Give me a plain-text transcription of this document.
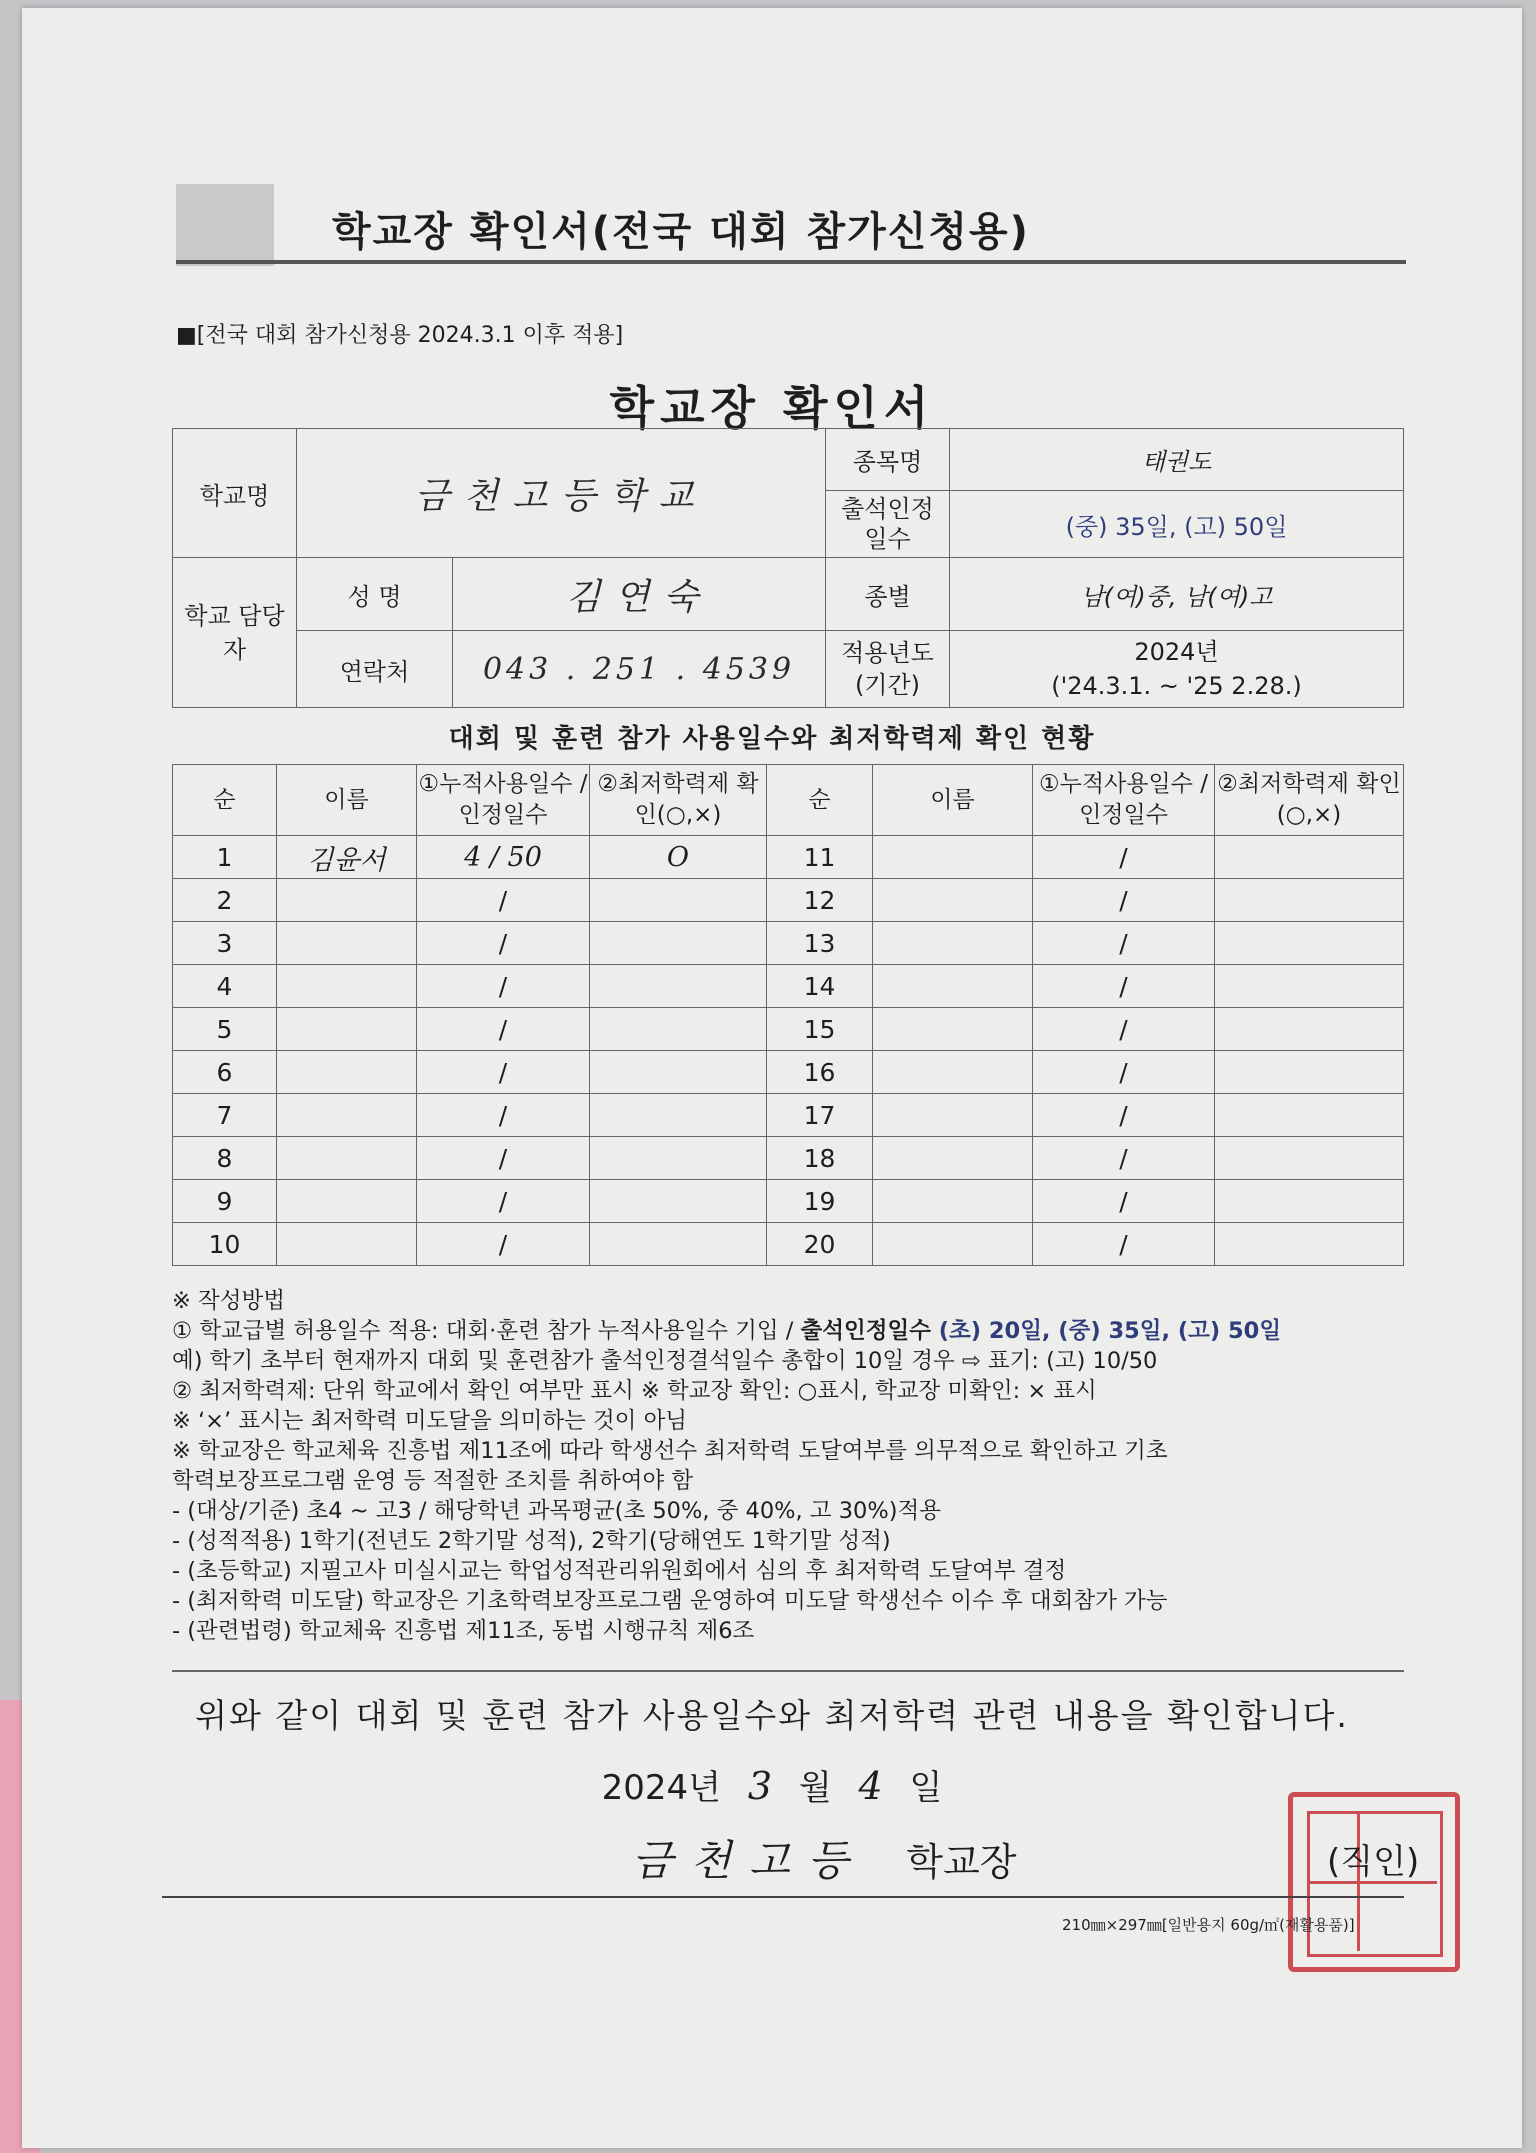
학교장 확인서(전국 대회 참가신청용)
■[전국 대회 참가신청용 2024.3.1 이후 적용]
학교장 확인서
학교명	금천고등학교		종목명	태권도
			출석인정 일수	(중) 35일, (고) 50일
학교 담당자	성 명	김연숙	종별	남(여)중, 남(여)고
	연락처	043 . 251 . 4539	적용년도 (기간)	2024년
('24.3.1. ~ '25 2.28.)
대회 및 훈련 참가 사용일수와 최저학력제 확인 현황
순	이름	①누적사용일수 /인정일수	②최저학력제 확인(○,×)	순	이름	①누적사용일수 /인정일수	②최저학력제 확인(○,×)
1	김윤서	4 / 50	O	11		/	
2		/		12		/	
3		/		13		/	
4		/		14		/	
5		/		15		/	
6		/		16		/	
7		/		17		/	
8		/		18		/	
9		/		19		/	
10		/		20		/	
※ 작성방법
① 학교급별 허용일수 적용: 대회·훈련 참가 누적사용일수 기입 / 출석인정일수 (초) 20일, (중) 35일, (고) 50일
예) 학기 초부터 현재까지 대회 및 훈련참가 출석인정결석일수 총합이 10일 경우 ⇨ 표기: (고) 10/50
② 최저학력제: 단위 학교에서 확인 여부만 표시 ※ 학교장 확인: ○표시, 학교장 미확인: × 표시
※ ‘×’ 표시는 최저학력 미도달을 의미하는 것이 아님
※ 학교장은 학교체육 진흥법 제11조에 따라 학생선수 최저학력 도달여부를 의무적으로 확인하고 기초
학력보장프로그램 운영 등 적절한 조치를 취하여야 함
- (대상/기준) 초4 ~ 고3 / 해당학년 과목평균(초 50%, 중 40%, 고 30%)적용
- (성적적용) 1학기(전년도 2학기말 성적), 2학기(당해연도 1학기말 성적)
- (초등학교) 지필고사 미실시교는 학업성적관리위원회에서 심의 후 최저학력 도달여부 결정
- (최저학력 미도달) 학교장은 기초학력보장프로그램 운영하여 미도달 학생선수 이수 후 대회참가 가능
- (관련법령) 학교체육 진흥법 제11조, 동법 시행규칙 제6조
위와 같이 대회 및 훈련 참가 사용일수와 최저학력 관련 내용을 확인합니다.
2024년 3 월 4 일
금천고등 학교장	(직인)
210㎜×297㎜[일반용지 60g/㎡(재활용품)]
